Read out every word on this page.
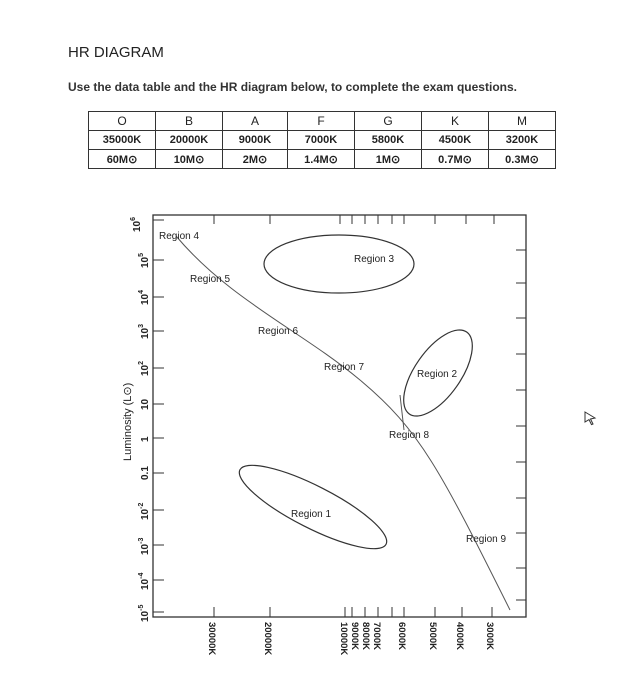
HR DIAGRAM
Use the data table and the HR diagram below, to complete the exam questions.
O	B	A	F	G	K	M
35000K	20000K	9000K	7000K	5800K	4500K	3200K
60M⊙	10M⊙	2M⊙	1.4M⊙	1M⊙	0.7M⊙	0.3M⊙
Region 4
Region 5
Region 6
Region 3
Region 7
Region 2
Region 8
Region 1
Region 9
Luminosity (L⊙)
$10^6$
$10^5$
$10^4$
$10^3$
$10^2$
10
1
0.1
$10^{-2}$
$10^{-3}$
$10^{-4}$
$10^{-5}$
30000K	20000K	10000K 9000K 8000K 7000K 6000K 5000K 4000K 3000K
